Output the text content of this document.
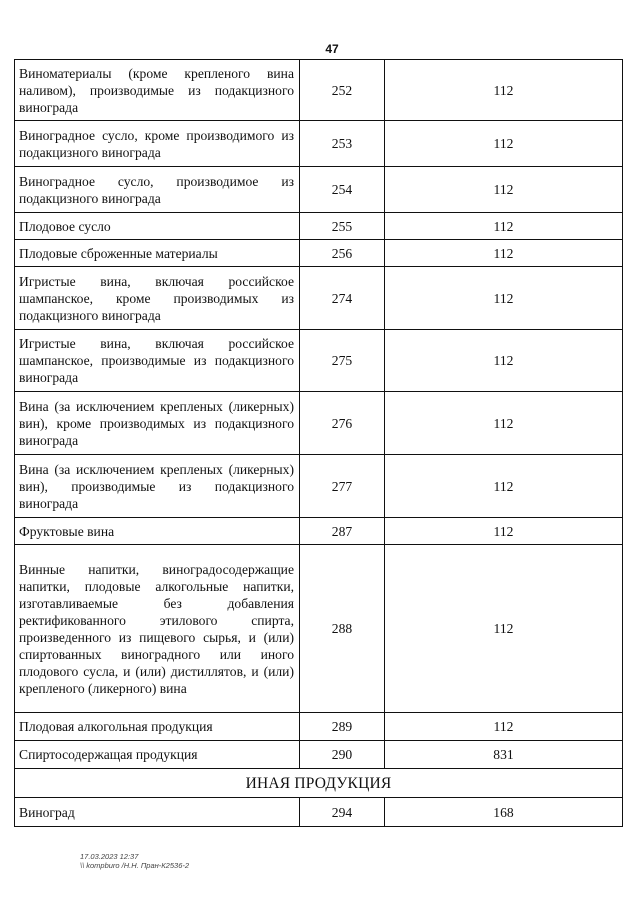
47
Виноматериалы (кроме крепленого вина наливом), производимые из подакцизного винограда	252	112
Виноградное сусло, кроме производимого из подакцизного винограда	253	112
Виноградное сусло, производимое из подакцизного винограда	254	112
Плодовое сусло	255	112
Плодовые сброженные материалы	256	112
Игристые вина, включая российское шампанское, кроме производимых из подакцизного винограда	274	112
Игристые вина, включая российское шампанское, производимые из подакцизного винограда	275	112
Вина (за исключением крепленых (ликерных) вин), кроме производимых из подакцизного винограда	276	112
Вина (за исключением крепленых (ликерных) вин), производимые из подакцизного винограда	277	112
Фруктовые вина	287	112
Винные напитки, виноградосодержащие напитки, плодовые алкогольные напитки, изготавливаемые без добавления ректификованного этилового спирта, произведенного из пищевого сырья, и (или) спиртованных виноградного или иного плодового сусла, и (или) дистиллятов, и (или) крепленого (ликерного) вина	288	112
Плодовая алкогольная продукция	289	112
Спиртосодержащая продукция	290	831
ИНАЯ ПРОДУКЦИЯ		
Виноград	294	168
17.03.2023 12:37
\\ kompburo /Н.Н. Пран-К2536-2
